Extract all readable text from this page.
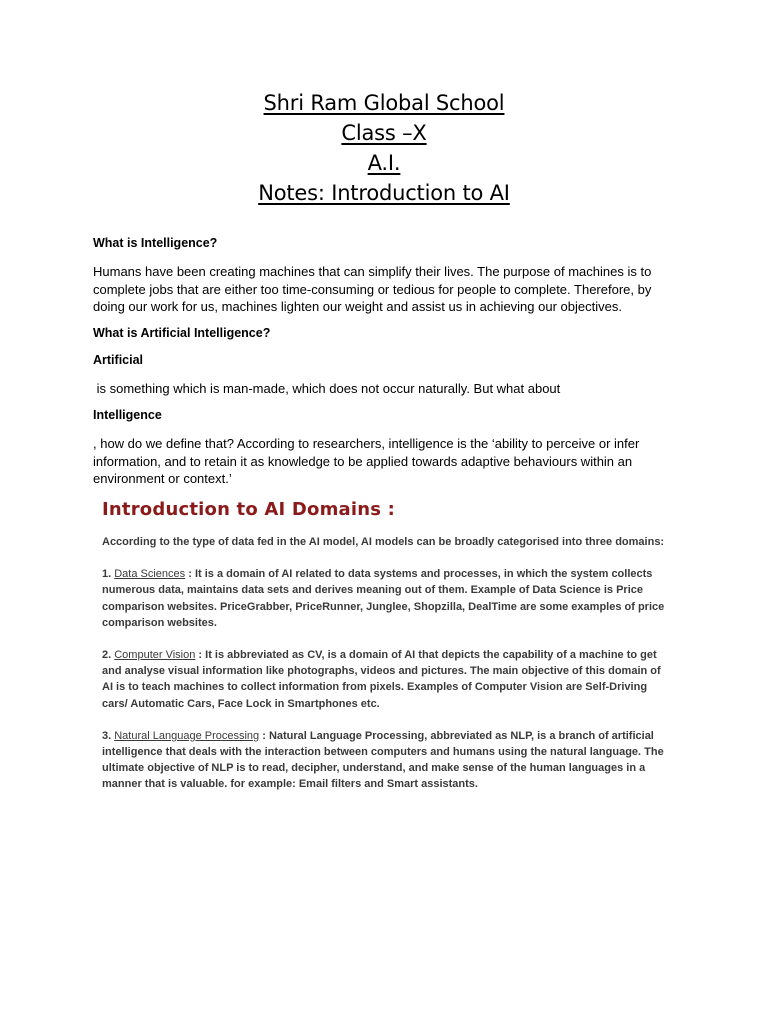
Shri Ram Global School
Class –X
A.I.
Notes: Introduction to AI
What is Intelligence?
Humans have been creating machines that can simplify their lives. The purpose of machines is to complete jobs that are either too time-consuming or tedious for people to complete. Therefore, by doing our work for us, machines lighten our weight and assist us in achieving our objectives.
What is Artificial Intelligence?
Artificial
is something which is man-made, which does not occur naturally. But what about
Intelligence
, how do we define that? According to researchers, intelligence is the ‘ability to perceive or infer information, and to retain it as knowledge to be applied towards adaptive behaviours within an environment or context.’
Introduction to AI Domains :
According to the type of data fed in the AI model, AI models can be broadly categorised into three domains:
1. Data Sciences : It is a domain of AI related to data systems and processes, in which the system collects numerous data, maintains data sets and derives meaning out of them. Example of Data Science is Price comparison websites. PriceGrabber, PriceRunner, Junglee, Shopzilla, DealTime are some examples of price comparison websites.
2. Computer Vision : It is abbreviated as CV, is a domain of AI that depicts the capability of a machine to get and analyse visual information like photographs, videos and pictures. The main objective of this domain of AI is to teach machines to collect information from pixels. Examples of Computer Vision are Self-Driving cars/ Automatic Cars, Face Lock in Smartphones etc.
3. Natural Language Processing : Natural Language Processing, abbreviated as NLP, is a branch of artificial intelligence that deals with the interaction between computers and humans using the natural language. The ultimate objective of NLP is to read, decipher, understand, and make sense of the human languages in a manner that is valuable. for example: Email filters and Smart assistants.
